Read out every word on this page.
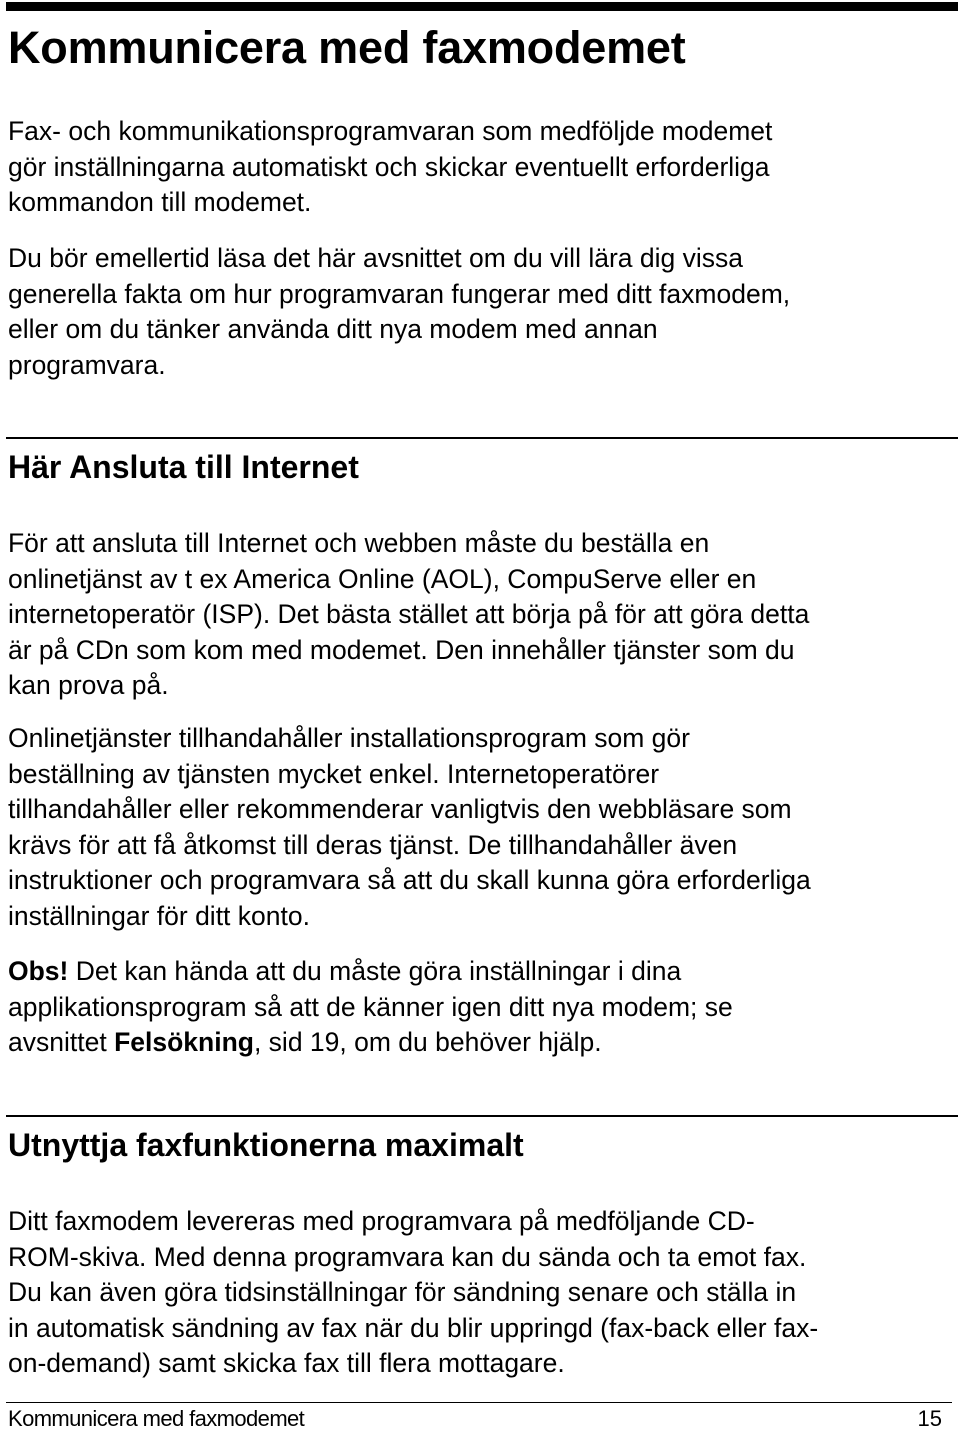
Kommunicera med faxmodemet

Fax- och kommunikationsprogramvaran som medföljde modemet
gör inställningarna automatiskt och skickar eventuellt erforderliga
kommandon till modemet.

Du bör emellertid läsa det här avsnittet om du vill lära dig vissa
generella fakta om hur programvaran fungerar med ditt faxmodem,
eller om du tänker använda ditt nya modem med annan
programvara.

Här Ansluta till Internet

För att ansluta till Internet och webben måste du beställa en
onlinetjänst av t ex America Online (AOL), CompuServe eller en
internetoperatör (ISP). Det bästa stället att börja på för att göra detta
är på CDn som kom med modemet. Den innehåller tjänster som du
kan prova på.

Onlinetjänster tillhandahåller installationsprogram som gör
beställning av tjänsten mycket enkel. Internetoperatörer
tillhandahåller eller rekommenderar vanligtvis den webbläsare som
krävs för att få åtkomst till deras tjänst. De tillhandahåller även
instruktioner och programvara så att du skall kunna göra erforderliga
inställningar för ditt konto.

Obs! Det kan hända att du måste göra inställningar i dina
applikationsprogram så att de känner igen ditt nya modem; se
avsnittet Felsökning, sid 19, om du behöver hjälp.

Utnyttja faxfunktionerna maximalt

Ditt faxmodem levereras med programvara på medföljande CD-
ROM-skiva. Med denna programvara kan du sända och ta emot fax.
Du kan även göra tidsinställningar för sändning senare och ställa in
in automatisk sändning av fax när du blir uppringd (fax-back eller fax-
on-demand) samt skicka fax till flera mottagare.

Kommunicera med faxmodemet	15
